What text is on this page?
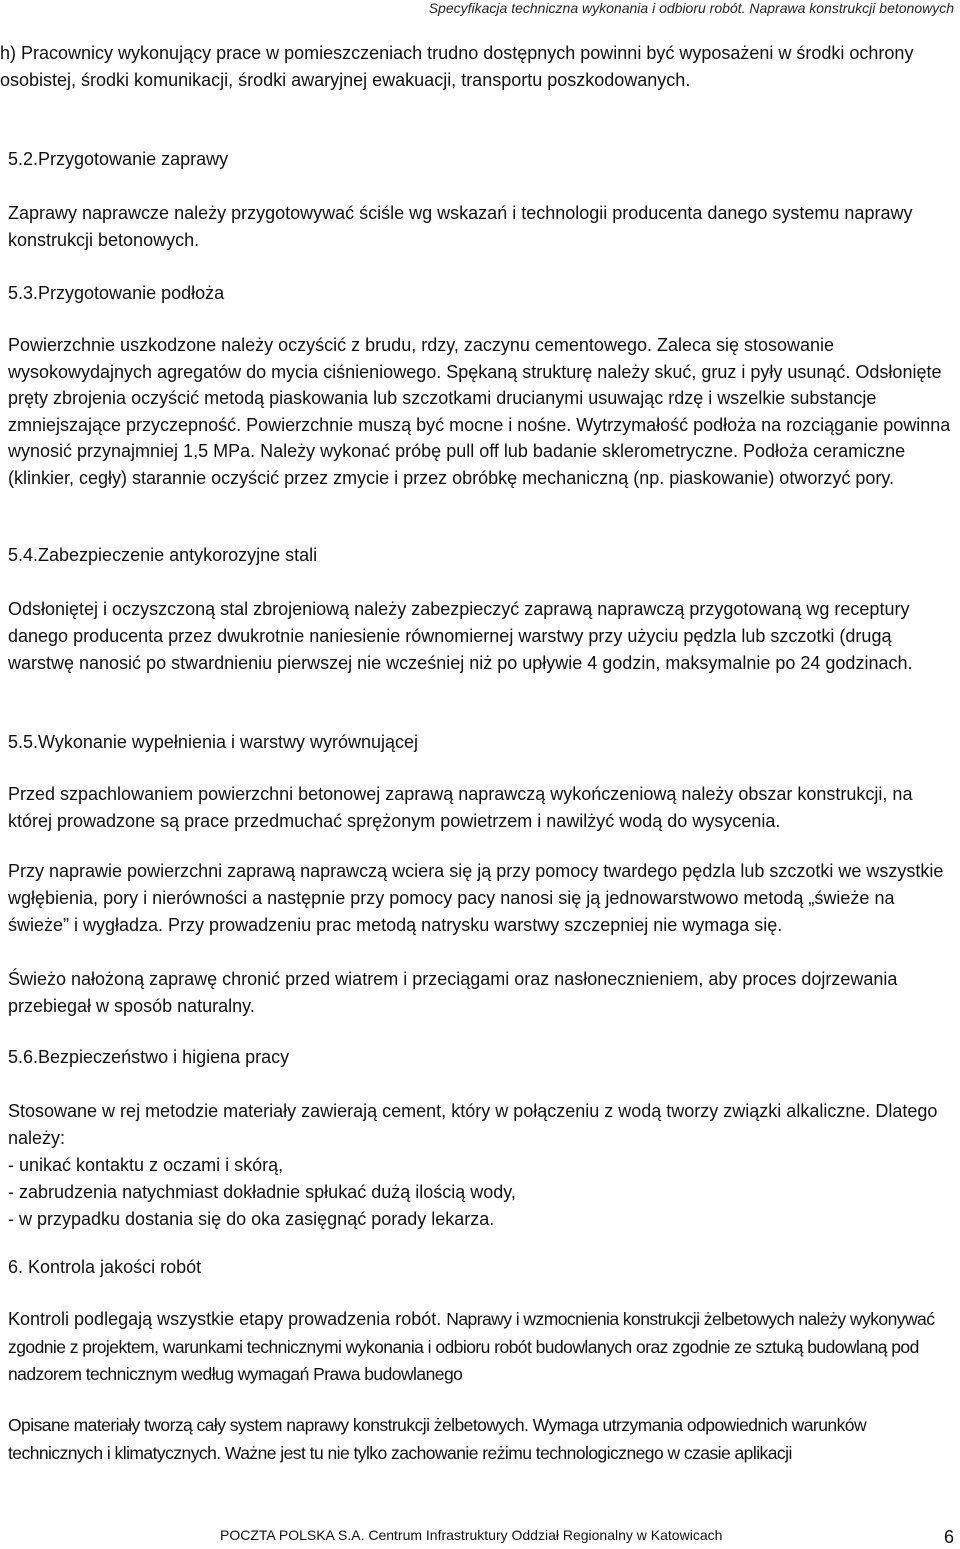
Specyfikacja techniczna wykonania i odbioru robót. Naprawa konstrukcji betonowych

h) Pracownicy wykonujący prace w pomieszczeniach trudno dostępnych powinni być wyposażeni w środki ochrony osobistej, środki komunikacji, środki awaryjnej ewakuacji, transportu poszkodowanych.

5.2.Przygotowanie zaprawy

Zaprawy naprawcze należy przygotowywać ściśle wg wskazań i technologii producenta danego systemu naprawy konstrukcji betonowych.

5.3.Przygotowanie podłoża

Powierzchnie uszkodzone należy oczyścić z brudu, rdzy, zaczynu cementowego. Zaleca się stosowanie wysokowydajnych agregatów do mycia ciśnieniowego. Spękaną strukturę należy skuć, gruz i pyły usunąć. Odsłonięte pręty zbrojenia oczyścić metodą piaskowania lub szczotkami drucianymi usuwając rdzę i wszelkie substancje zmniejszające przyczepność. Powierzchnie muszą być mocne i nośne. Wytrzymałość podłoża na rozciąganie powinna wynosić przynajmniej 1,5 MPa. Należy wykonać próbę pull off lub badanie sklerometryczne. Podłoża ceramiczne (klinkier, cegły) starannie oczyścić przez zmycie i przez obróbkę mechaniczną (np. piaskowanie) otworzyć pory.

5.4.Zabezpieczenie antykorozyjne stali

Odsłoniętej i oczyszczoną stal zbrojeniową należy zabezpieczyć zaprawą naprawczą przygotowaną wg receptury danego producenta przez dwukrotnie naniesienie równomiernej warstwy przy użyciu pędzla lub szczotki (drugą warstwę nanosić po stwardnieniu pierwszej nie wcześniej niż po upływie 4 godzin, maksymalnie po 24 godzinach.

5.5.Wykonanie wypełnienia i warstwy wyrównującej

Przed szpachlowaniem powierzchni betonowej zaprawą naprawczą wykończeniową należy obszar konstrukcji, na której prowadzone są prace przedmuchać sprężonym powietrzem i nawilżyć wodą do wysycenia.

Przy naprawie powierzchni zaprawą naprawczą wciera się ją przy pomocy twardego pędzla lub szczotki we wszystkie wgłębienia, pory i nierówności a następnie przy pomocy pacy nanosi się ją jednowarstwowo metodą „świeże na świeże” i wygładza. Przy prowadzeniu prac metodą natrysku warstwy szczepniej nie wymaga się.

Świeżo nałożoną zaprawę chronić przed wiatrem i przeciągami oraz nasłonecznieniem, aby proces dojrzewania przebiegał w sposób naturalny.

5.6.Bezpieczeństwo i higiena pracy

Stosowane w rej metodzie materiały zawierają cement, który w połączeniu z wodą tworzy związki alkaliczne. Dlatego należy:

- unikać kontaktu z oczami i skórą,
- zabrudzenia natychmiast dokładnie spłukać dużą ilością wody,
- w przypadku dostania się do oka zasięgnąć porady lekarza.

6. Kontrola jakości robót

Kontroli podlegają wszystkie etapy prowadzenia robót. Naprawy i wzmocnienia konstrukcji żelbetowych należy wykonywać zgodnie z projektem, warunkami technicznymi wykonania i odbioru robót budowlanych oraz zgodnie ze sztuką budowlaną pod nadzorem technicznym według wymagań Prawa budowlanego

Opisane materiały tworzą cały system naprawy konstrukcji żelbetowych. Wymaga utrzymania odpowiednich warunków technicznych i klimatycznych. Ważne jest tu nie tylko zachowanie reżimu technologicznego w czasie aplikacji

POCZTA POLSKA S.A. Centrum Infrastruktury Oddział Regionalny w Katowicach	6
